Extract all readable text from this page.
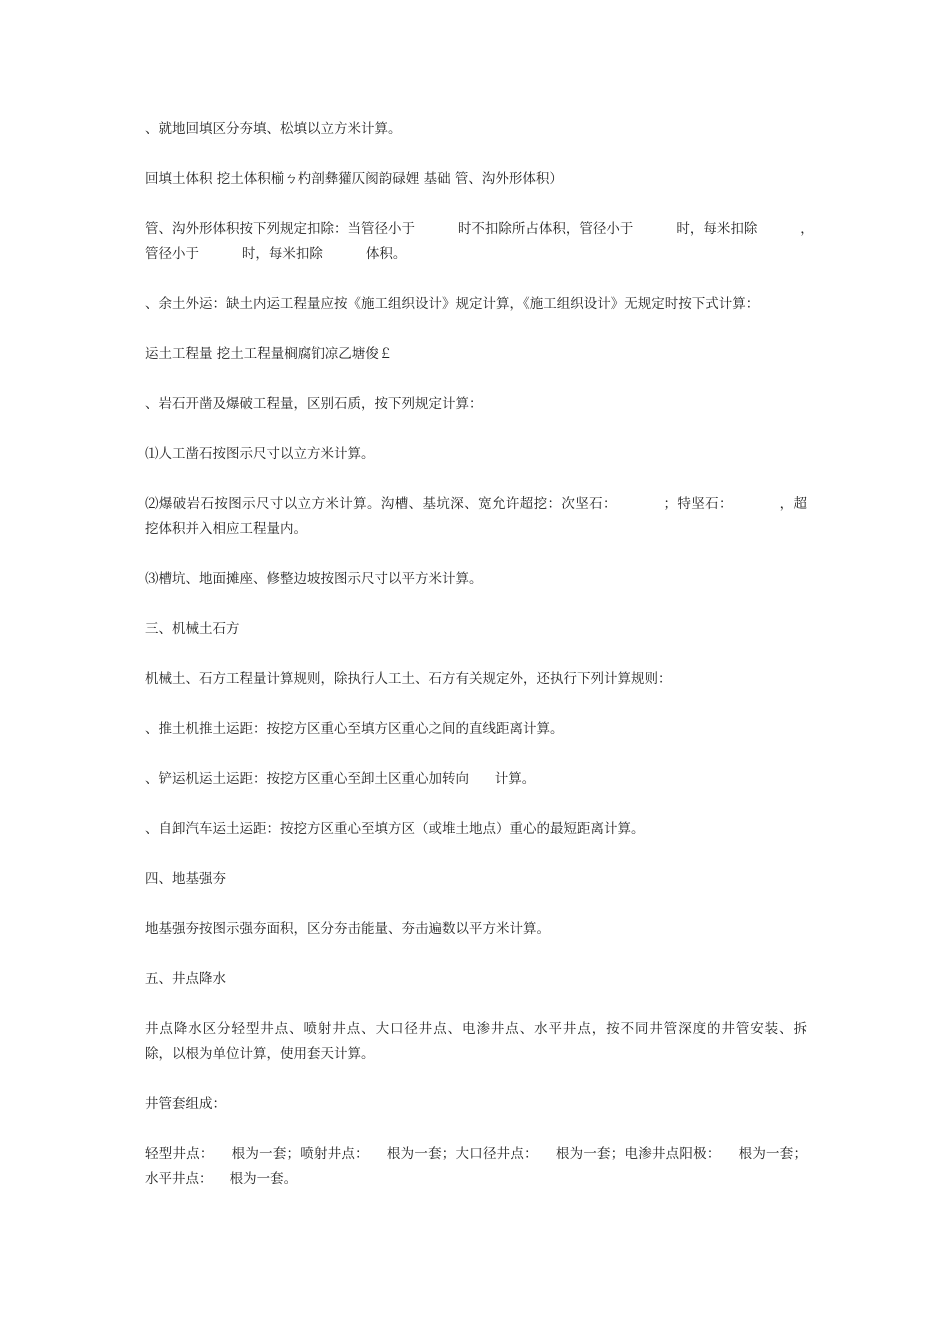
、就地回填区分夯填、松填以立方米计算。
回填土体积 挖土体积椾ㄅ杓剖彝獾仄阂韵碌娌 基础 管、沟外形体积）
管、沟外形体积按下列规定扣除：当管径小于          时不扣除所占体积，管径小于          时，每米扣除          ，
管径小于          时，每米扣除          体积。
、余土外运：缺土内运工程量应按《施工组织设计》规定计算，《施工组织设计》无规定时按下式计算：
运土工程量 挖土工程量榈腐钔凉乙塘俊￡
、岩石开凿及爆破工程量，区别石质，按下列规定计算：
⑴人工凿石按图示尺寸以立方米计算。
⑵爆破岩石按图示尺寸以立方米计算。沟槽、基坑深、宽允许超挖：次坚石：          ；特坚石：          ，超
挖体积并入相应工程量内。
⑶槽坑、地面摊座、修整边坡按图示尺寸以平方米计算。
三、机械土石方
机械土、石方工程量计算规则，除执行人工土、石方有关规定外，还执行下列计算规则：
、推土机推土运距：按挖方区重心至填方区重心之间的直线距离计算。
、铲运机运土运距：按挖方区重心至卸土区重心加转向      计算。
、自卸汽车运土运距：按挖方区重心至填方区（或堆土地点）重心的最短距离计算。
四、地基强夯
地基强夯按图示强夯面积，区分夯击能量、夯击遍数以平方米计算。
五、井点降水
井点降水区分轻型井点、喷射井点、大口径井点、电渗井点、水平井点，按不同井管深度的井管安装、拆
除，以根为单位计算，使用套天计算。
井管套组成：
轻型井点：    根为一套；喷射井点：    根为一套；大口径井点：    根为一套；电渗井点阳极：    根为一套；
水平井点：    根为一套。
